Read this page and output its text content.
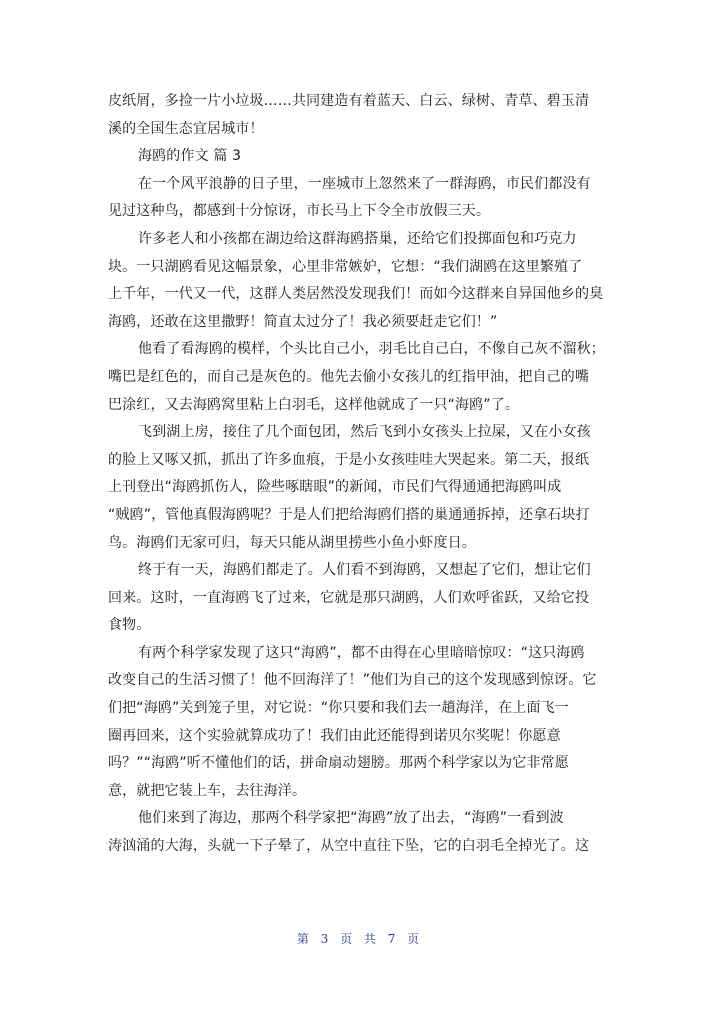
皮纸屑，多捡一片小垃圾……共同建造有着蓝天、白云、绿树、青草、碧玉清
溪的全国生态宜居城市！
海鸥的作文 篇 3
在一个风平浪静的日子里，一座城市上忽然来了一群海鸥，市民们都没有
见过这种鸟，都感到十分惊讶，市长马上下令全市放假三天。
许多老人和小孩都在湖边给这群海鸥搭巢，还给它们投掷面包和巧克力
块。一只湖鸥看见这幅景象，心里非常嫉妒，它想：“我们湖鸥在这里繁殖了
上千年，一代又一代，这群人类居然没发现我们！而如今这群来自异国他乡的臭
海鸥，还敢在这里撒野！简直太过分了！我必须要赶走它们！”
他看了看海鸥的模样，个头比自己小，羽毛比自己白，不像自己灰不溜秋；
嘴巴是红色的，而自己是灰色的。他先去偷小女孩儿的红指甲油，把自己的嘴
巴涂红，又去海鸥窝里粘上白羽毛，这样他就成了一只“海鸥”了。
飞到湖上房，接住了几个面包团，然后飞到小女孩头上拉屎，又在小女孩
的脸上又啄又抓，抓出了许多血痕，于是小女孩哇哇大哭起来。第二天，报纸
上刊登出“海鸥抓伤人，险些啄瞎眼”的新闻，市民们气得通通把海鸥叫成
“贼鸥”，管他真假海鸥呢？于是人们把给海鸥们搭的巢通通拆掉，还拿石块打
鸟。海鸥们无家可归，每天只能从湖里捞些小鱼小虾度日。
终于有一天，海鸥们都走了。人们看不到海鸥，又想起了它们，想让它们
回来。这时，一直海鸥飞了过来，它就是那只湖鸥，人们欢呼雀跃，又给它投
食物。
有两个科学家发现了这只“海鸥”，都不由得在心里暗暗惊叹：“这只海鸥
改变自己的生活习惯了！他不回海洋了！”他们为自己的这个发现感到惊讶。它
们把“海鸥”关到笼子里，对它说：“你只要和我们去一趟海洋，在上面飞一
圈再回来，这个实验就算成功了！我们由此还能得到诺贝尔奖呢！你愿意
吗？”“海鸥”听不懂他们的话，拼命扇动翅膀。那两个科学家以为它非常愿
意，就把它装上车，去往海洋。
他们来到了海边，那两个科学家把“海鸥”放了出去，“海鸥”一看到波
涛汹涌的大海，头就一下子晕了，从空中直往下坠，它的白羽毛全掉光了。这
第 3 页 共 7 页
